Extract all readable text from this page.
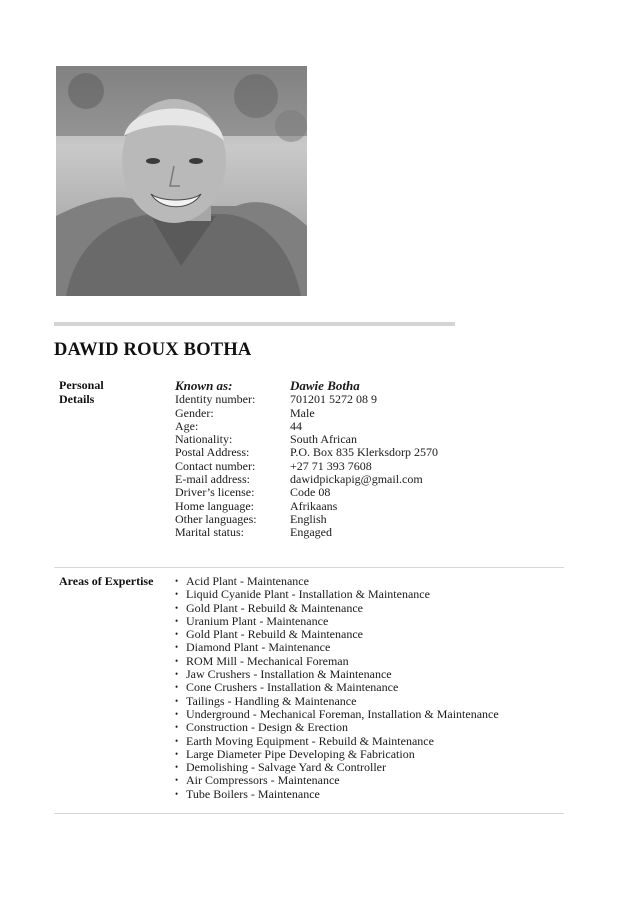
DAWID ROUX BOTHA
Personal
Details
Known as:	Dawie Botha
Identity number:	701201 5272 08 9
Gender:	Male
Age:	44
Nationality:	South African
Postal Address:	P.O. Box 835 Klerksdorp 2570
Contact number:	+27 71 393 7608
E-mail address:	dawidpickapig@gmail.com
Driver’s license:	Code 08
Home language:	Afrikaans
Other languages:	English
Marital status:	Engaged
Areas of Expertise
•	Acid Plant - Maintenance
• Liquid Cyanide Plant - Installation & Maintenance
• Gold Plant - Rebuild & Maintenance
• Uranium Plant - Maintenance
• Gold Plant - Rebuild & Maintenance
• Diamond Plant - Maintenance
• ROM Mill - Mechanical Foreman
• Jaw Crushers - Installation & Maintenance
• Cone Crushers - Installation & Maintenance
• Tailings - Handling & Maintenance
• Underground - Mechanical Foreman, Installation & Maintenance
• Construction - Design & Erection
• Earth Moving Equipment - Rebuild & Maintenance
• Large Diameter Pipe Developing & Fabrication
• Demolishing - Salvage Yard & Controller
• Air Compressors - Maintenance
• Tube Boilers - Maintenance
